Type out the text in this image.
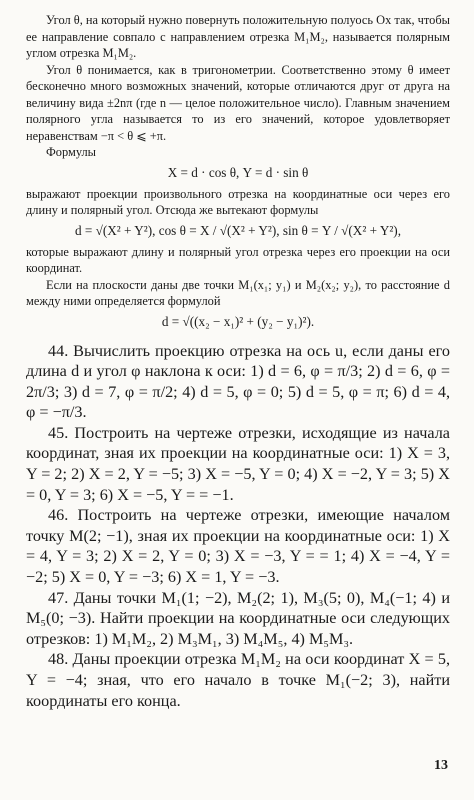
Угол θ, на который нужно повернуть положительную полуось Ox так, чтобы ее направление совпало с направлением отрезка M₁M₂, называется полярным углом отрезка M₁M₂.

Угол θ понимается, как в тригонометрии. Соответственно этому θ имеет бесконечно много возможных значений, которые отличаются друг от друга на величину вида ±2nπ (где n — целое положительное число). Главным значением полярного угла называется то из его значений, которое удовлетворяет неравенствам −π < θ ⩽ +π.

Формулы

X = d · cos θ, Y = d · sin θ

выражают проекции произвольного отрезка на координатные оси через его длину и полярный угол. Отсюда же вытекают формулы

d = √(X² + Y²), cos θ = X / √(X² + Y²), sin θ = Y / √(X² + Y²),

которые выражают длину и полярный угол отрезка через его проекции на оси координат.

Если на плоскости даны две точки M₁(x₁; y₁) и M₂(x₂; y₂), то расстояние d между ними определяется формулой

d = √((x₂ − x₁)² + (y₂ − y₁)²).

44. Вычислить проекцию отрезка на ось u, если даны его длина d и угол φ наклона к оси: 1) d = 6, φ = π/3; 2) d = 6, φ = 2π/3; 3) d = 7, φ = π/2; 4) d = 5, φ = 0; 5) d = 5, φ = π; 6) d = 4, φ = −π/3.

45. Построить на чертеже отрезки, исходящие из начала координат, зная их проекции на координатные оси: 1) X = 3, Y = 2; 2) X = 2, Y = −5; 3) X = −5, Y = 0; 4) X = −2, Y = 3; 5) X = 0, Y = 3; 6) X = −5, Y = = −1.

46. Построить на чертеже отрезки, имеющие началом точку M(2; −1), зная их проекции на координатные оси: 1) X = 4, Y = 3; 2) X = 2, Y = 0; 3) X = −3, Y = = 1; 4) X = −4, Y = −2; 5) X = 0, Y = −3; 6) X = 1, Y = −3.

47. Даны точки M₁(1; −2), M₂(2; 1), M₃(5; 0), M₄(−1; 4) и M₅(0; −3). Найти проекции на координатные оси следующих отрезков: 1) M₁M₂, 2) M₃M₁, 3) M₄M₅, 4) M₅M₃.

48. Даны проекции отрезка M₁M₂ на оси координат X = 5, Y = −4; зная, что его начало в точке M₁(−2; 3), найти координаты его конца.

13
